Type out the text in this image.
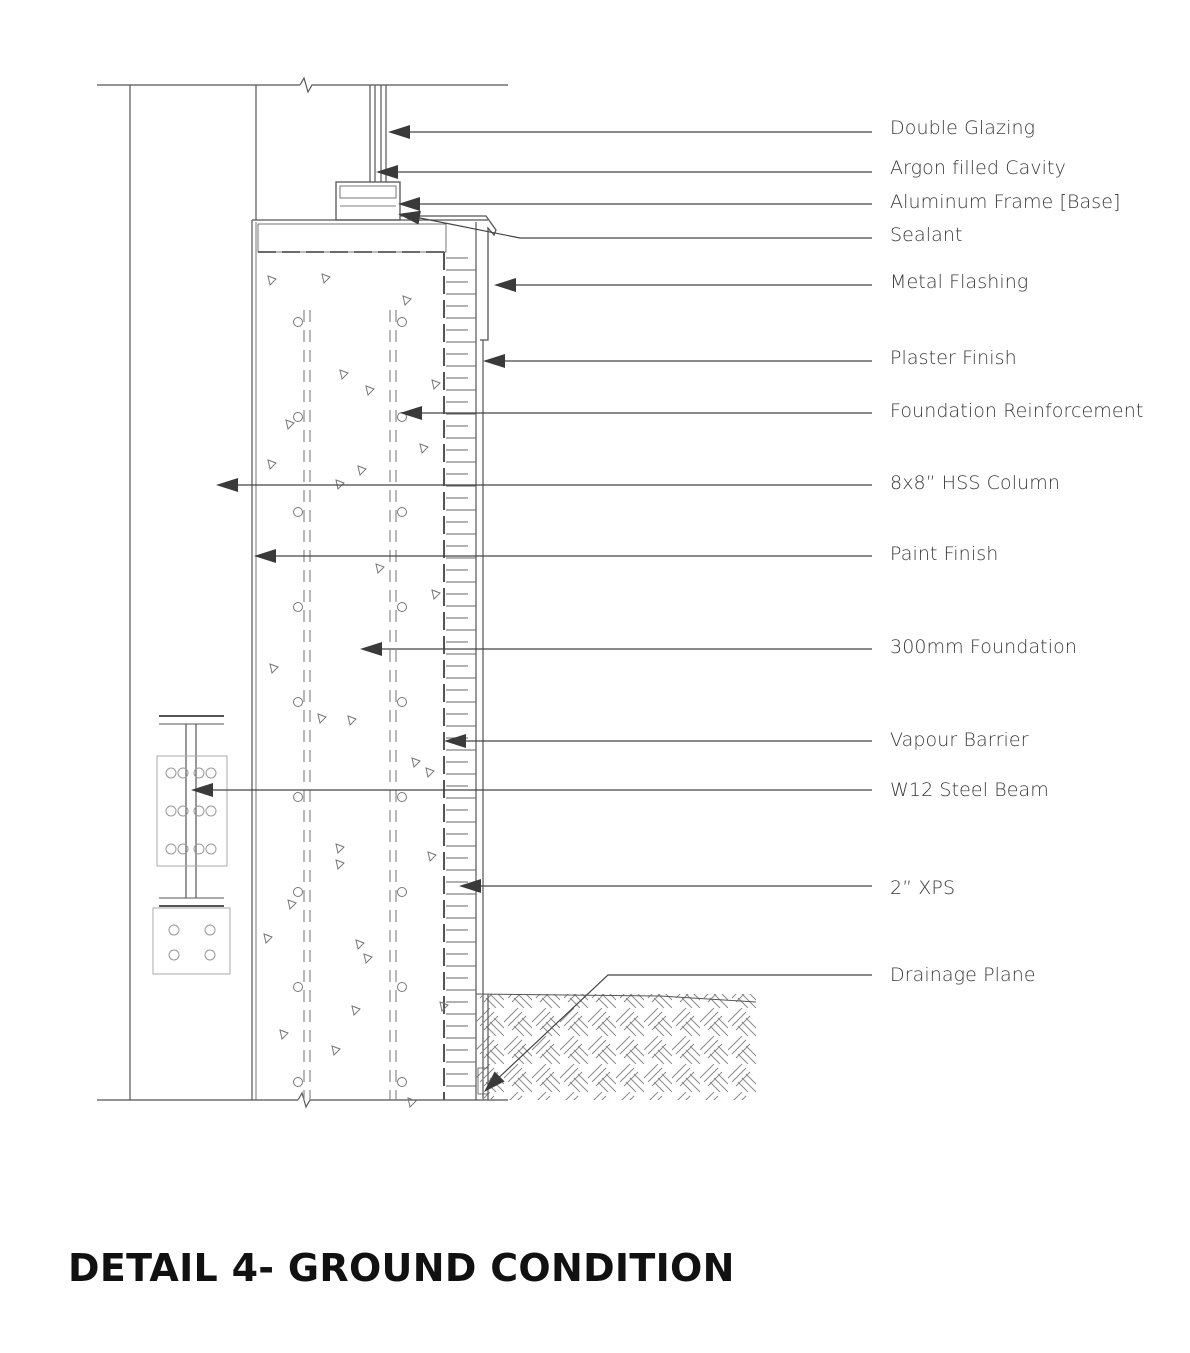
Double Glazing
Argon filled Cavity
Aluminum Frame [Base]
Sealant
Metal Flashing
Plaster Finish
Foundation Reinforcement
8x8” HSS Column
Paint Finish
300mm Foundation
Vapour Barrier
W12 Steel Beam
2” XPS
Drainage Plane
DETAIL 4- GROUND CONDITION
